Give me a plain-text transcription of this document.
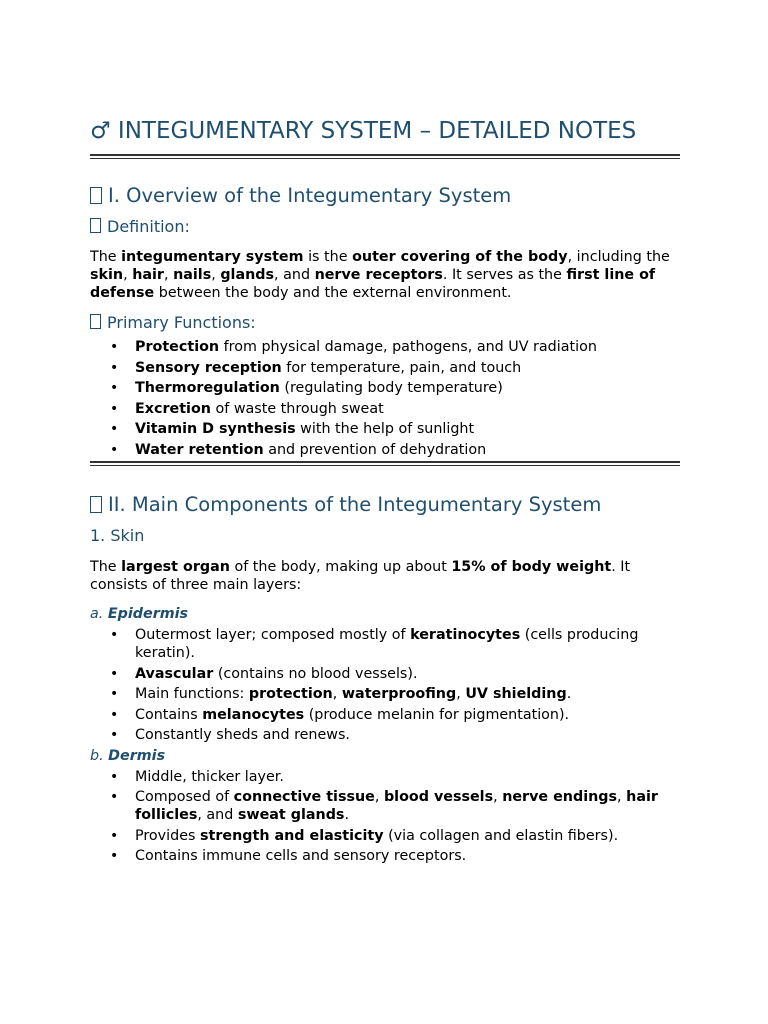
♂ INTEGUMENTARY SYSTEM – DETAILED NOTES
I. Overview of the Integumentary System
Definition:

The integumentary system is the outer covering of the body, including the skin, hair, nails, glands, and nerve receptors. It serves as the first line of defense between the body and the external environment.

Primary Functions:
• Protection from physical damage, pathogens, and UV radiation
• Sensory reception for temperature, pain, and touch
• Thermoregulation (regulating body temperature)
• Excretion of waste through sweat
• Vitamin D synthesis with the help of sunlight
• Water retention and prevention of dehydration
II. Main Components of the Integumentary System
1. Skin

The largest organ of the body, making up about 15% of body weight. It consists of three main layers:

a. Epidermis

• Outermost layer; composed mostly of keratinocytes (cells producing keratin).
• Avascular (contains no blood vessels).
• Main functions: protection, waterproofing, UV shielding.
• Contains melanocytes (produce melanin for pigmentation).
• Constantly sheds and renews.

b. Dermis

• Middle, thicker layer.
• Composed of connective tissue, blood vessels, nerve endings, hair follicles, and sweat glands.
• Provides strength and elasticity (via collagen and elastin fibers).
• Contains immune cells and sensory receptors.
